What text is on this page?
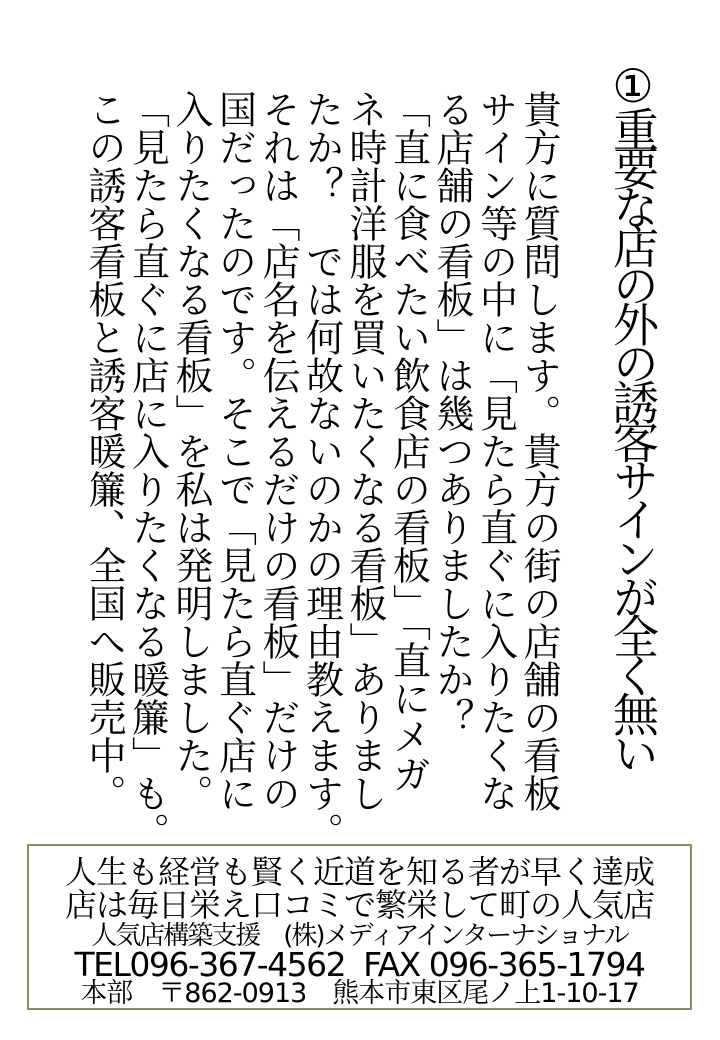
①重要な店の外の誘客サインが全く無い
貴方に質問します。貴方の街の店舗の看板
サイン等の中に「見たら直ぐに入りたくな
る店舗の看板」は幾つありましたか？
「直に食べたい飲食店の看板」「直にメガ
ネ時計洋服を買いたくなる看板」ありまし
たか？　では何故ないのかの理由教えます。
それは「店名を伝えるだけの看板」だけの
国だったのです。そこで「見たら直ぐ店に
入りたくなる看板」を私は発明しました。
「見たら直ぐに店に入りたくなる暖簾」も。
この誘客看板と誘客暖簾、全国へ販売中。
人生も経営も賢く近道を知る者が早く達成
店は毎日栄え口コミで繁栄して町の人気店
人気店構築支援　(株)メディアインターナショナル
TEL096-367-4562  FAX 096-365-1794
本部　〒862-0913　熊本市東区尾ノ上1-10-17
